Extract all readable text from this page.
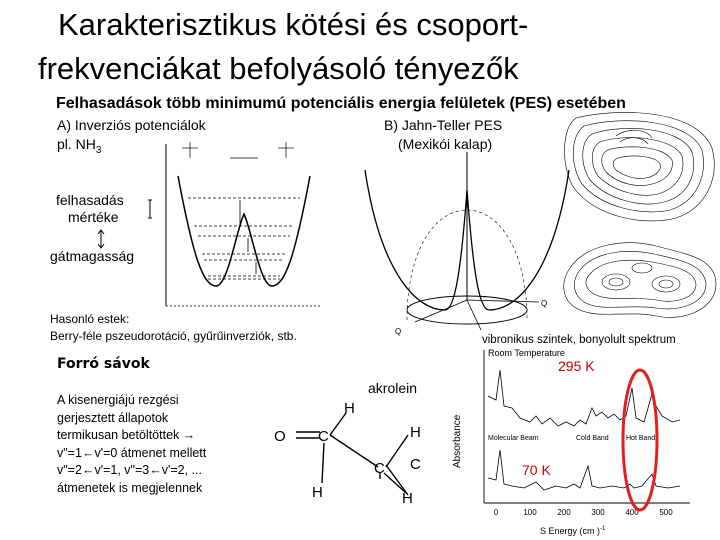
Karakterisztikus kötési és csoport-
frekvenciákat befolyásoló tényezők
Felhasadások több minimumú potenciális energia felületek (PES) esetében
A) Inverziós potenciálok
pl. $NH_3$
felhasadás
mértéke
gátmagasság
Hasonló estek:
Berry-féle pszeudorotáció, gyűrűinverziók, stb.
B) Jahn-Teller PES
(Mexikói kalap)
Q
Q
vibronikus szintek, bonyolult spektrum
Forró sávok
A kisenergiájú rezgési
gerjesztett állapotok
termikusan betöltöttek →
v"=1←v'=0 átmenet mellett
v"=2←v'=1, v"=3←v'=2, ...
átmenetek is megjelennek
akrolein
O C
H
H
C
H
C
H
Absorbance
Room Temperature
Molecular Beam	Cold Band Hot Band
0	100	200	300	400	500
S Energy (cm )$^{-1}$
295 K
70 K
